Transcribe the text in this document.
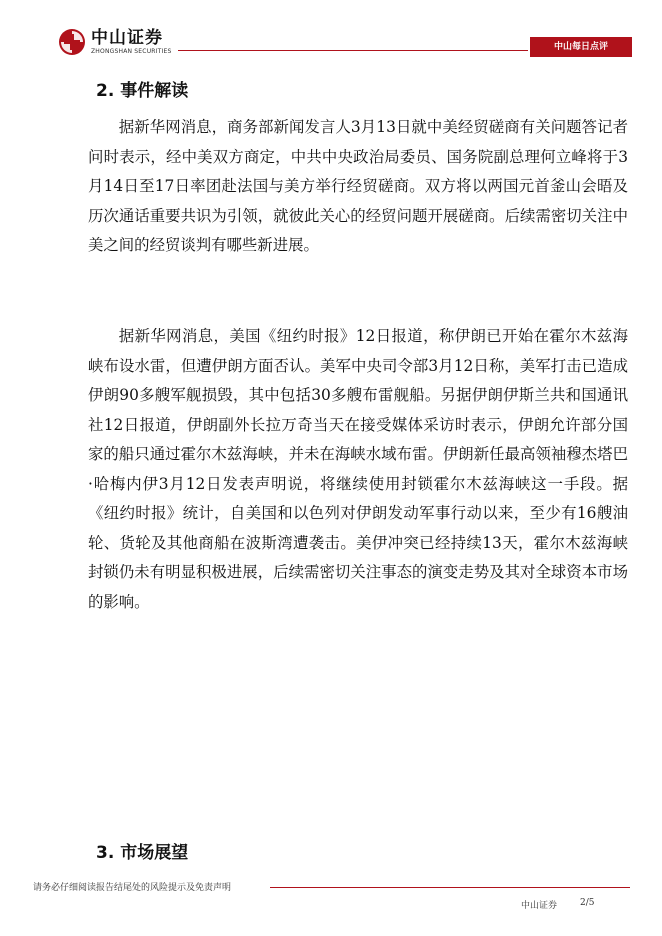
中山证券
ZHONGSHAN SECURITIES	中山每日点评
2. 事件解读

据新华网消息，商务部新闻发言人3月13日就中美经贸磋商有关问题答记者问时表示，经中美双方商定，中共中央政治局委员、国务院副总理何立峰将于3月14日至17日率团赴法国与美方举行经贸磋商。双方将以两国元首釜山会晤及历次通话重要共识为引领，就彼此关心的经贸问题开展磋商。后续需密切关注中美之间的经贸谈判有哪些新进展。

据新华网消息，美国《纽约时报》12日报道，称伊朗已开始在霍尔木兹海峡布设水雷，但遭伊朗方面否认。美军中央司令部3月12日称，美军打击已造成伊朗90多艘军舰损毁，其中包括30多艘布雷舰船。另据伊朗伊斯兰共和国通讯社12日报道，伊朗副外长拉万奇当天在接受媒体采访时表示，伊朗允许部分国家的船只通过霍尔木兹海峡，并未在海峡水域布雷。伊朗新任最高领袖穆杰塔巴·哈梅内伊3月12日发表声明说，将继续使用封锁霍尔木兹海峡这一手段。据《纽约时报》统计，自美国和以色列对伊朗发动军事行动以来，至少有16艘油轮、货轮及其他商船在波斯湾遭袭击。美伊冲突已经持续13天，霍尔木兹海峡封锁仍未有明显积极进展，后续需密切关注事态的演变走势及其对全球资本市场的影响。

3. 市场展望
请务必仔细阅读报告结尾处的风险提示及免责声明
中山证券	2/5
